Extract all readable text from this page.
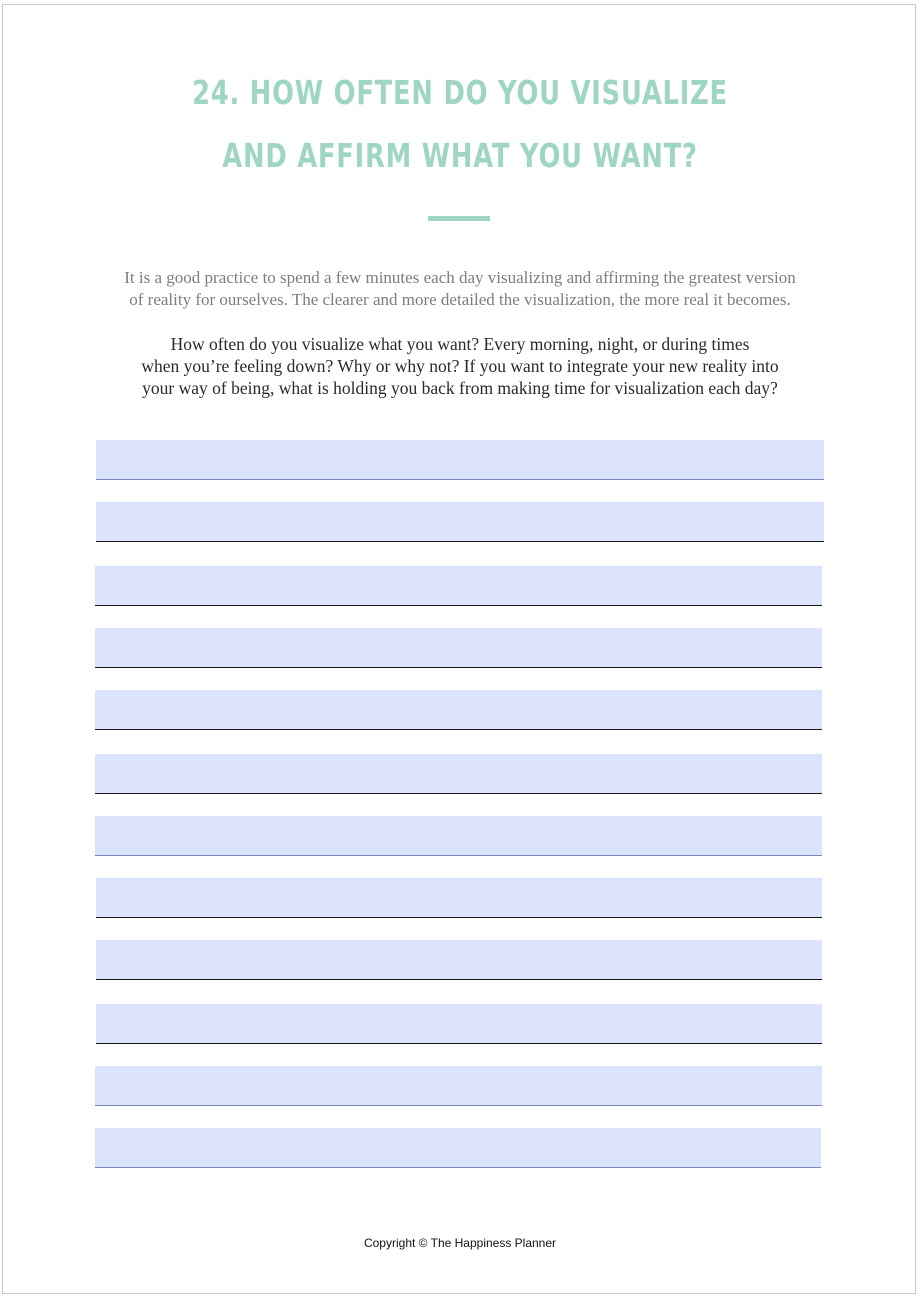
24. HOW OFTEN DO YOU VISUALIZE
AND AFFIRM WHAT YOU WANT?
It is a good practice to spend a few minutes each day visualizing and affirming the greatest version
of reality for ourselves. The clearer and more detailed the visualization, the more real it becomes.
How often do you visualize what you want? Every morning, night, or during times
when you’re feeling down? Why or why not? If you want to integrate your new reality into
your way of being, what is holding you back from making time for visualization each day?
Copyright © The Happiness Planner
